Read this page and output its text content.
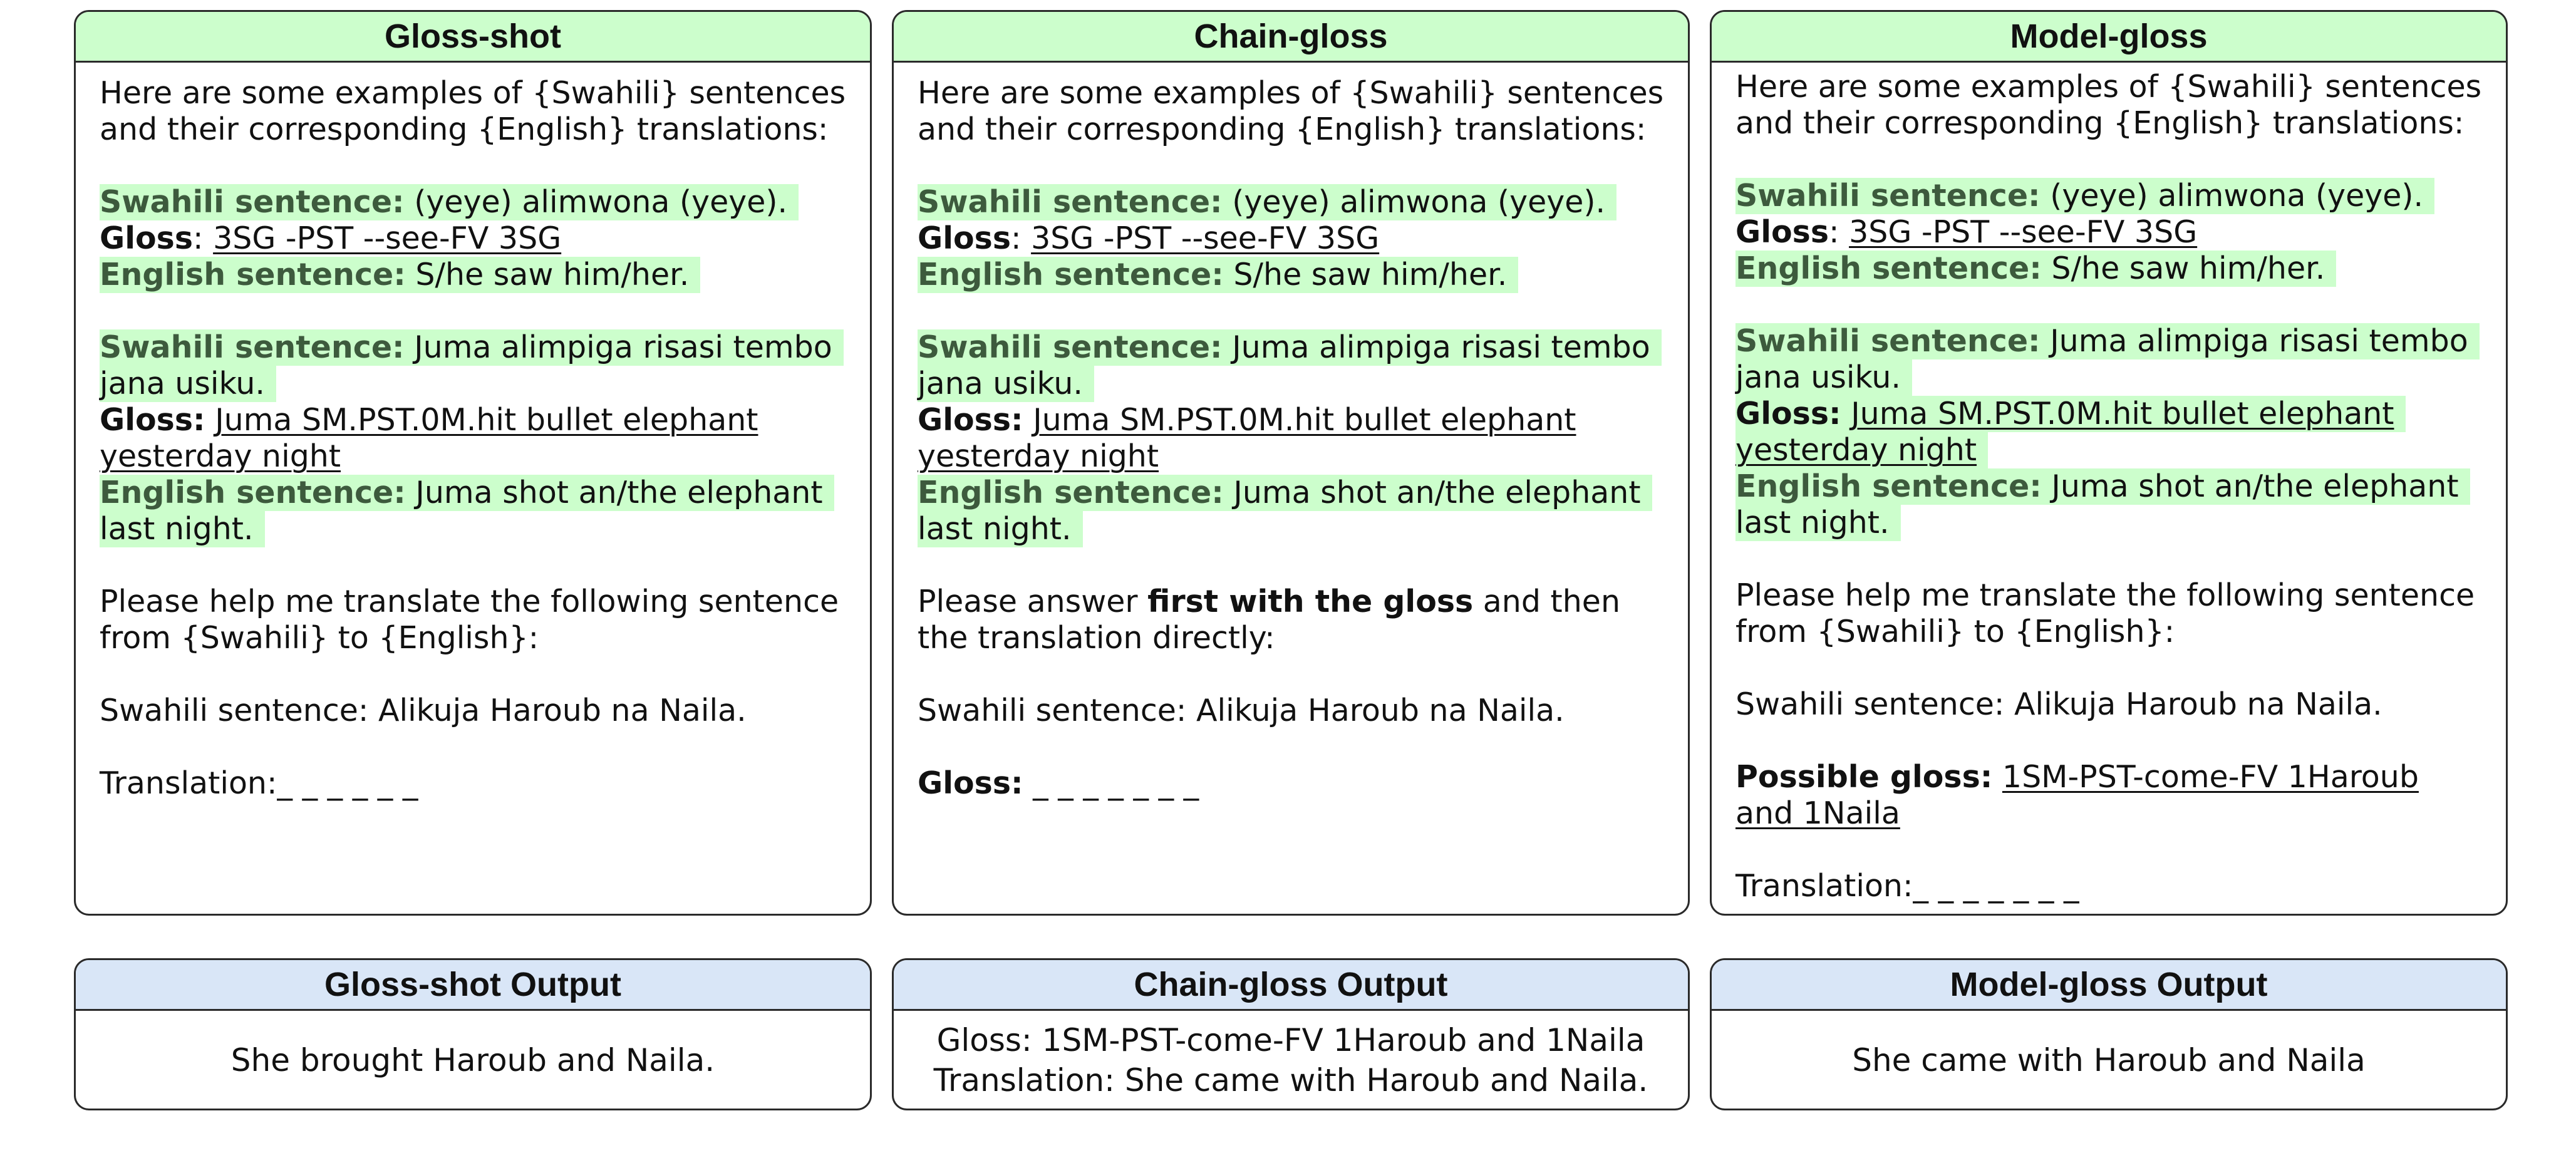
Gloss-shot
Here are some examples of {Swahili} sentences
and their corresponding {English} translations:
Swahili sentence: (yeye) alimwona (yeye).
Gloss: 3SG -PST --see-FV 3SG
English sentence: S/he saw him/her.
Swahili sentence: Juma alimpiga risasi tembo
jana usiku.
Gloss: Juma SM.PST.0M.hit bullet elephant
yesterday night
English sentence: Juma shot an/the elephant
last night.
Please help me translate the following sentence
from {Swahili} to {English}:
Swahili sentence: Alikuja Haroub na Naila.
Translation:_ _ _ _ _ _
Chain-gloss
Here are some examples of {Swahili} sentences
and their corresponding {English} translations:
Swahili sentence: (yeye) alimwona (yeye).
Gloss: 3SG -PST --see-FV 3SG
English sentence: S/he saw him/her.
Swahili sentence: Juma alimpiga risasi tembo
jana usiku.
Gloss: Juma SM.PST.0M.hit bullet elephant
yesterday night
English sentence: Juma shot an/the elephant
last night.
Please answer first with the gloss and then
the translation directly:
Swahili sentence: Alikuja Haroub na Naila.
Gloss: _ _ _ _ _ _ _
Model-gloss
Here are some examples of {Swahili} sentences
and their corresponding {English} translations:
Swahili sentence: (yeye) alimwona (yeye).
Gloss: 3SG -PST --see-FV 3SG
English sentence: S/he saw him/her.
Swahili sentence: Juma alimpiga risasi tembo
jana usiku.
Gloss: Juma SM.PST.0M.hit bullet elephant
yesterday night
English sentence: Juma shot an/the elephant
last night.
Please help me translate the following sentence
from {Swahili} to {English}:
Swahili sentence: Alikuja Haroub na Naila.
Possible gloss: 1SM-PST-come-FV 1Haroub
and 1Naila
Translation:_ _ _ _ _ _ _
Gloss-shot Output
She brought Haroub and Naila.
Chain-gloss Output
Gloss: 1SM-PST-come-FV 1Haroub and 1Naila
Translation: She came with Haroub and Naila.
Model-gloss Output
She came with Haroub and Naila
